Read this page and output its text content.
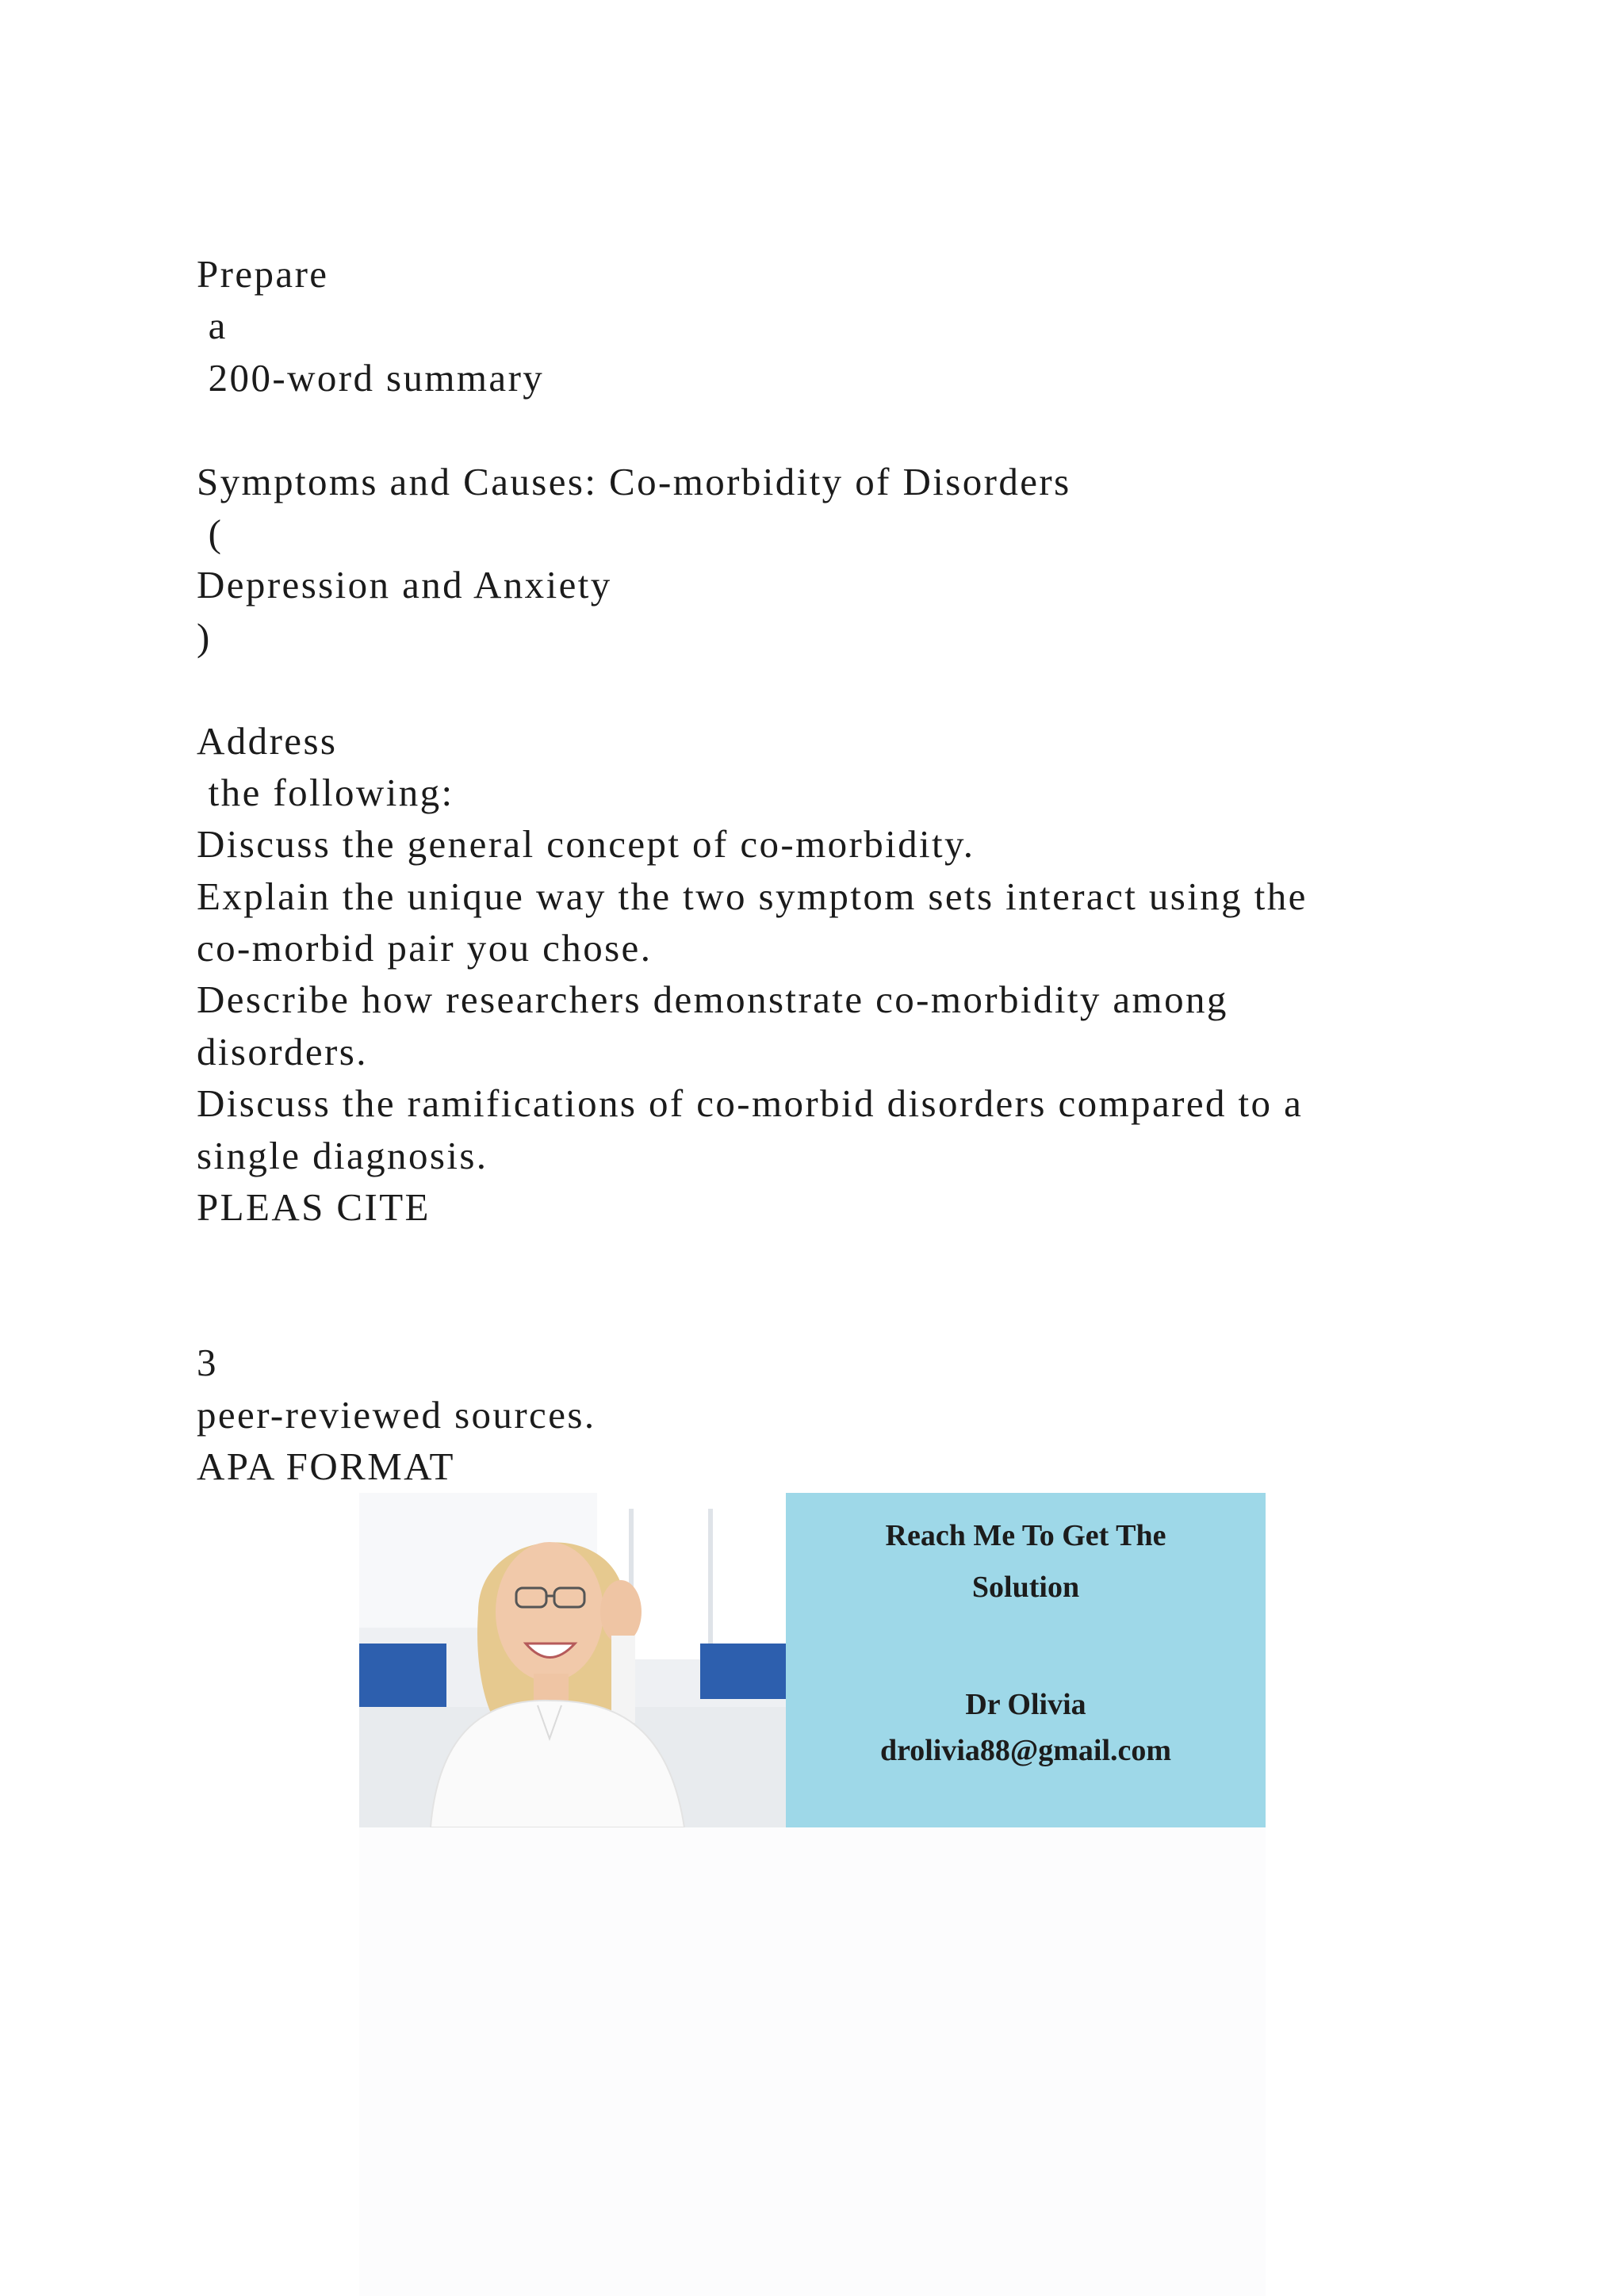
Prepare
a
200-word summary
Symptoms and Causes: Co-morbidity of Disorders
(
Depression and Anxiety
)
Address
the following:
Discuss the general concept of co-morbidity.
Explain the unique way the two symptom sets interact using the
co-morbid pair you chose.
Describe how researchers demonstrate co-morbidity among
disorders.
Discuss the ramifications of co-morbid disorders compared to a
single diagnosis.
PLEAS CITE
3
peer-reviewed sources.
APA FORMAT
Reach Me To Get The
Solution
Dr Olivia
drolivia88@gmail.com
